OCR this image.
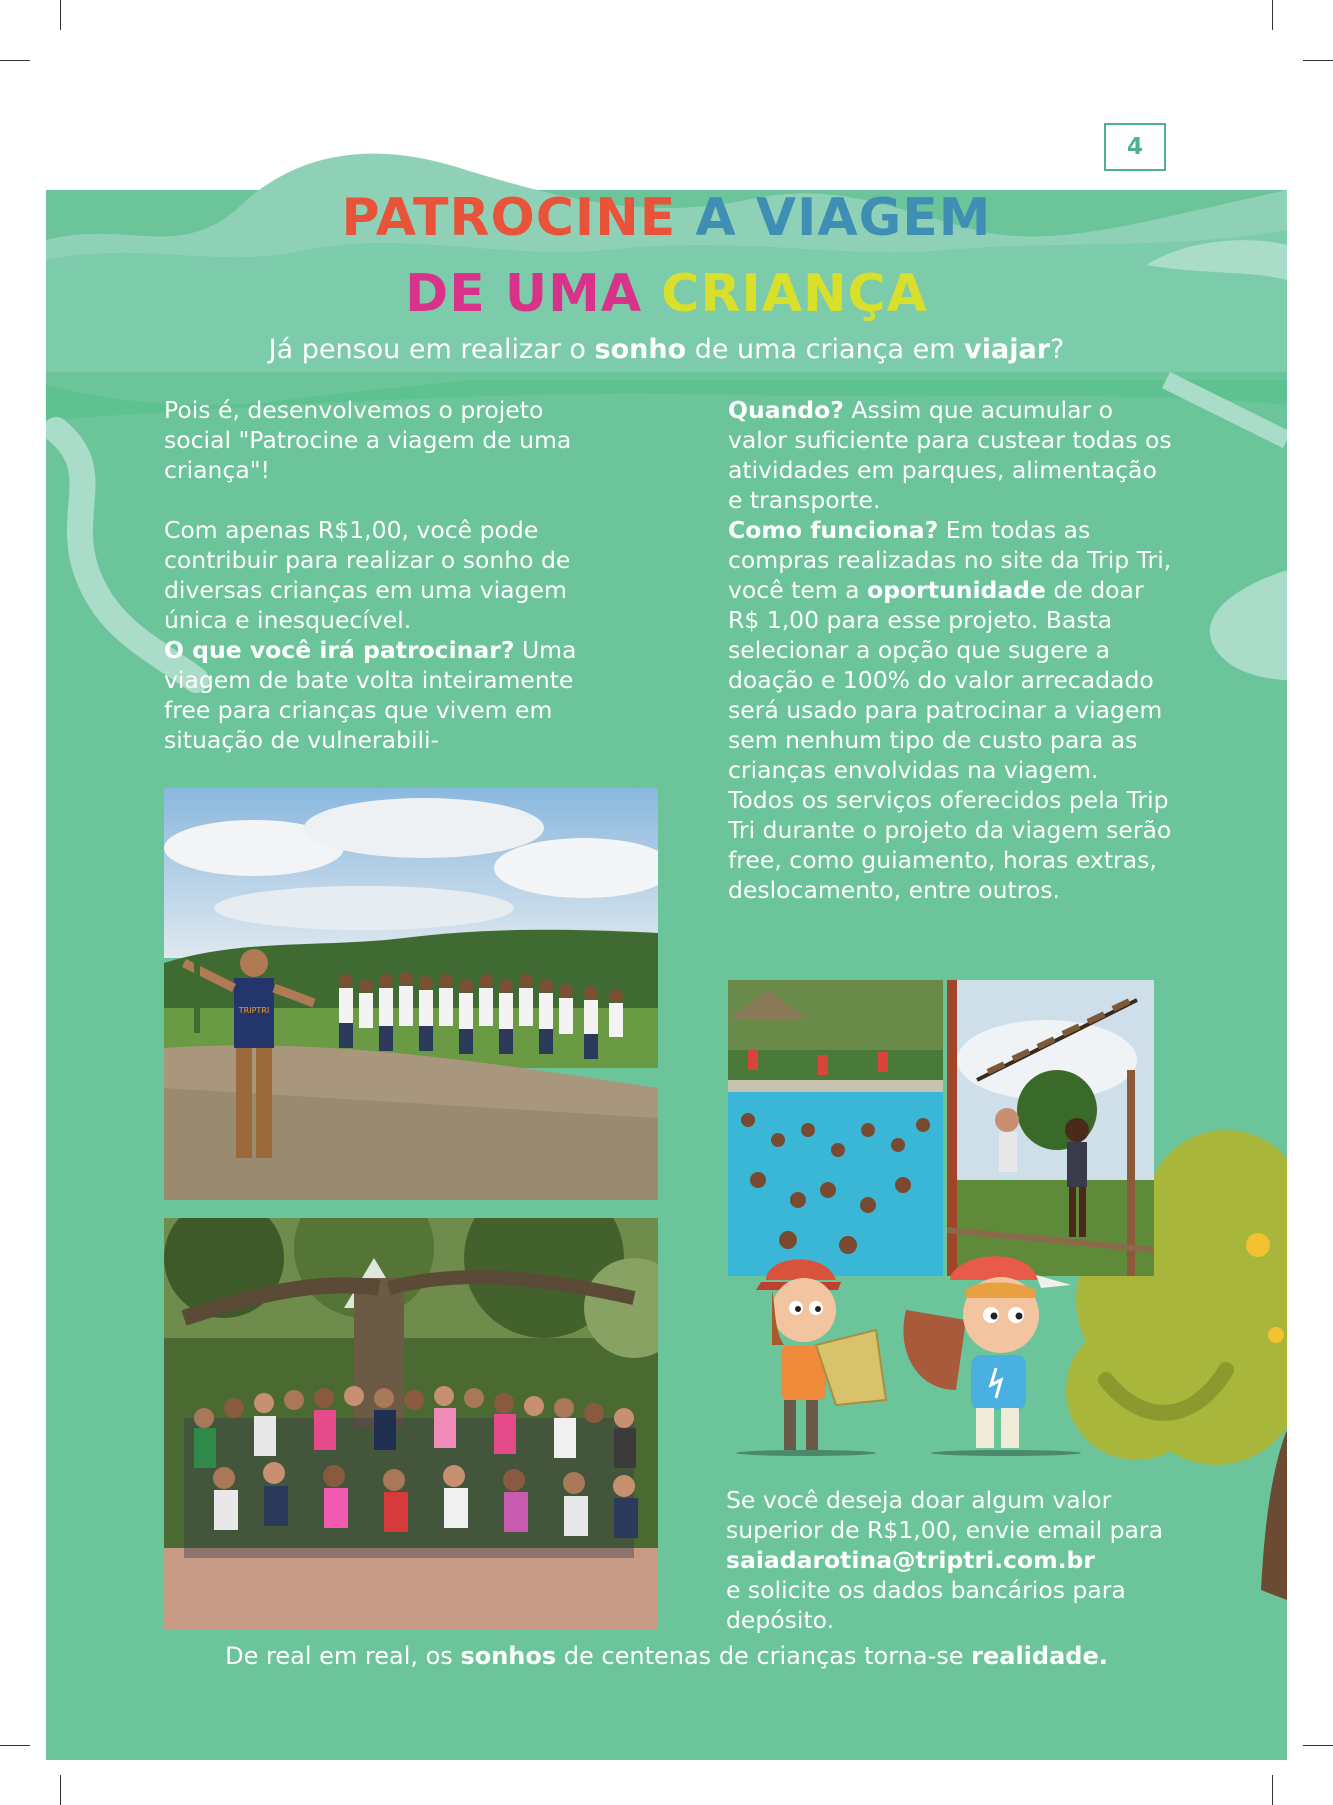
4
PATROCINE A VIAGEM
DE UMA CRIANÇA
Já pensou em realizar o sonho de uma criança em viajar?

Pois é, desenvolvemos o projeto social "Patrocine a viagem de uma criança"!

Com apenas R$1,00, você pode contribuir para realizar o sonho de diversas crianças em uma viagem única e inesquecível.

O que você irá patrocinar? Uma viagem de bate volta inteiramente free para crianças que vivem em situação de vulnerabili-

Quando? Assim que acumular o valor suficiente para custear todas os atividades em parques, alimentação e transporte.

Como funciona? Em todas as compras realizadas no site da Trip Tri, você tem a oportunidade de doar R$ 1,00 para esse projeto. Basta selecionar a opção que sugere a doação e 100% do valor arrecadado será usado para patrocinar a viagem sem nenhum tipo de custo para as crianças envolvidas na viagem.

Todos os serviços oferecidos pela Trip Tri durante o projeto da viagem serão free, como guiamento, horas extras, deslocamento, entre outros.

TRIPTRI

Se você deseja doar algum valor superior de R$1,00, envie email para

saiadarotina@triptri.com.br

e solicite os dados bancários para depósito.

De real em real, os sonhos de centenas de crianças torna-se realidade.
